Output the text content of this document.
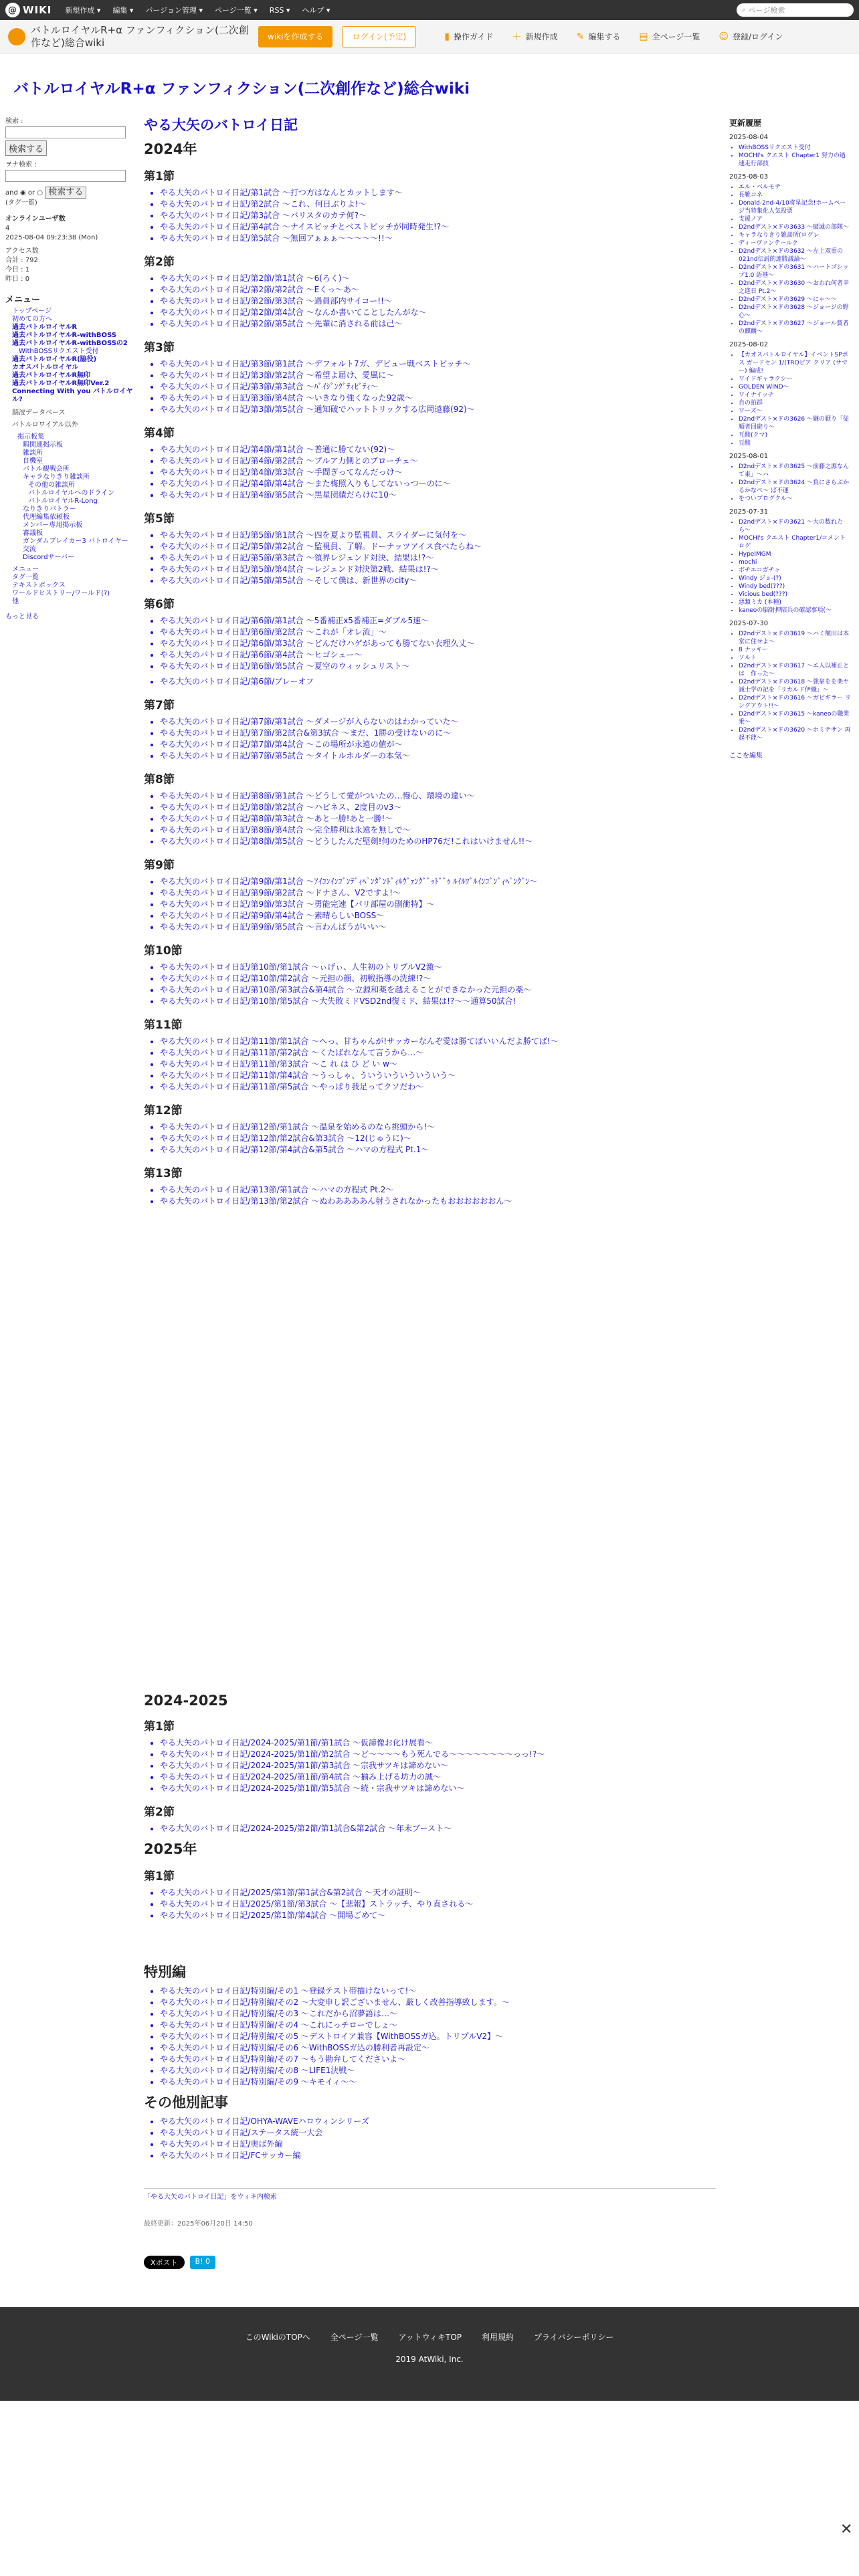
@ WIKI 新規作成 ▾ 編集 ▾ バージョン管理 ▾ ページ一覧 ▾ RSS ▾ ヘルプ ▾	⌕ ページ検索
バトルロイヤルR+α ファンフィクション(二次創作など)総合wiki	wikiを作成する	ログイン(予定)	▮ 操作ガイド ＋ 新規作成 ✎ 編集する ▤ 全ページ一覧 ☺ 登録/ログイン
バトルロイヤルR+α ファンフィクション(二次創作など)総合wiki
検索 :
検索する
ヲナ検索 :
and ◉ or ○ 検索する
(タグ一覧)
オンラインユーザ数
4
2025-08-04 09:23:38 (Mon)
アクセス数
合計 : 792
今日 : 1
昨日 : 0
メニュー
トップページ
初めての方へ
過去バトルロイヤルR
過去バトルロイヤルR-withBOSS
過去バトルロイヤルR-withBOSSの2
WithBOSSリクエスト受付
過去バトルロイヤルR(脇役)
カオスバトルロイヤル
過去バトルロイヤルR無印
過去バトルロイヤルR無印Ver.2
Connecting With you バトルロイヤル?
脳波データベース
バトルロワイアル以外
掲示板集
暇関連掲示板
雑談所
自機室
バトル観戦会所
キャラなりきり雑談所
その他の雑談所
バトルロイヤルへのドライン
バトルロイヤルR-Long
なりきりバトラー
代理編集依頼板
メンバー専用掲示板
審議板
ガンダムブレイカー3 バトロイヤー交流
Discordサーバー
メニュー
タグ一覧
テキストボックス
ワールドヒストリー/ワールド(?)
他
もっと見る
やる大矢のバトロイ日記
2024年
第1節
• やる大矢のバトロイ日記/第1試合 〜打つ方はなんとカットします〜
• やる大矢のバトロイ日記/第2試合 〜これ、何日ぶりよ!〜
• やる大矢のバトロイ日記/第3試合 〜バリスタのカテ何?〜
• やる大矢のバトロイ日記/第4試合 〜ナイスビッチとベストビッチが同時発生!?〜
• やる大矢のバトロイ日記/第5試合 〜無回アぁぁぁ〜〜〜〜〜!!〜
第2節
• やる大矢のバトロイ日記/第2節/第1試合 〜6(ろく)〜
• やる大矢のバトロイ日記/第2節/第2試合 〜Eくっ〜あ〜
• やる大矢のバトロイ日記/第2節/第3試合 〜過員部内サイコー!!〜
• やる大矢のバトロイ日記/第2節/第4試合 〜なんか書いてことしたんがな〜
• やる大矢のバトロイ日記/第2節/第5試合 〜先輩に消される前は己〜
第3節
• やる大矢のバトロイ日記/第3節/第1試合 〜デフォルト7ガ、デビュー戦ベストビッチ〜
• やる大矢のバトロイ日記/第3節/第2試合 〜希望よ届け、愛風に〜
• やる大矢のバトロイ日記/第3節/第3試合 〜ﾊﾞｲｼﾞﾝｸﾞﾃｨﾋﾞﾃｨ〜
• やる大矢のバトロイ日記/第3節/第4試合 〜いきなり強くなった92歳〜
• やる大矢のバトロイ日記/第3節/第5試合 〜通知破でハットトリックする広岡遠藤(92)〜
第4節
• やる大矢のバトロイ日記/第4節/第1試合 〜普通に勝てない(92)〜
• やる大矢のバトロイ日記/第4節/第2試合 〜ブルア力側とのプローチェ〜
• やる大矢のバトロイ日記/第4節/第3試合 〜手間ぎってなんだっけ〜
• やる大矢のバトロイ日記/第4節/第4試合 〜また梅照入りもしてないっつーのに〜
• やる大矢のバトロイ日記/第4節/第5試合 〜黒星団績だらけに10〜
第5節
• やる大矢のバトロイ日記/第5節/第1試合 〜四を夏より監視員、スライダーに気付を〜
• やる大矢のバトロイ日記/第5節/第2試合 〜監視員、了解。ドーナッツアイス食べたらね〜
• やる大矢のバトロイ日記/第5節/第3試合 〜領界レジェンド対決、結果は!?〜
• やる大矢のバトロイ日記/第5節/第4試合 〜レジェンド対決第2戦、結果は!?〜
• やる大矢のバトロイ日記/第5節/第5試合 〜そして僕は、新世界のcity〜
第6節
• やる大矢のバトロイ日記/第6節/第1試合 〜5番補正x5番補正=ダブル5速〜
• やる大矢のバトロイ日記/第6節/第2試合 〜これが「オレ流」〜
• やる大矢のバトロイ日記/第6節/第3試合 〜どんだけハゲがあっても勝てない衣理久丈〜
• やる大矢のバトロイ日記/第6節/第4試合 〜ヒゴシュー〜
• やる大矢のバトロイ日記/第6節/第5試合 〜夏空のウィッシュリスト〜
• やる大矢のバトロイ日記/第6節/ブレーオフ
第7節
• やる大矢のバトロイ日記/第7節/第1試合 〜ダメージが入らないのはわかっていた〜
• やる大矢のバトロイ日記/第7節/第2試合&第3試合 〜まだ、1勝の受けないのに〜
• やる大矢のバトロイ日記/第7節/第4試合 〜この場所が永遠の値が〜
• やる大矢のバトロイ日記/第7節/第5試合 〜タイトルホルダーの本気〜
第8節
• やる大矢のバトロイ日記/第8節/第1試合 〜どうして愛がついたの…慢心、環境の違い〜
• やる大矢のバトロイ日記/第8節/第2試合 〜ハピネス、2度目のv3〜
• やる大矢のバトロイ日記/第8節/第3試合 〜あと一勝!あと一勝!〜
• やる大矢のバトロイ日記/第8節/第4試合 〜完全勝利は永遠を無しで〜
• やる大矢のバトロイ日記/第8節/第5試合 〜どうしたんだ堅剣!何のためのHP76だ!これはいけません!!〜
第9節
• やる大矢のバトロイ日記/第9節/第1試合 〜ｱｲｺﾝｲﾝｺﾞﾝﾃﾞｨﾍﾟﾝﾀﾞﾝﾄﾞｨﾙｳﾞｧﾝｸﾞﾞｯﾄﾞﾞｩ ﾙｲﾙﾜﾞﾙｲﾝｺﾞﾝﾞｨﾍﾟﾝｸﾞﾝ〜
• やる大矢のバトロイ日記/第9節/第2試合 〜ドナさん、V2ですよ!〜
• やる大矢のバトロイ日記/第9節/第3試合 〜勇能完速【パリ部屋の副衝特】〜
• やる大矢のバトロイ日記/第9節/第4試合 〜素晴らしいBOSS〜
• やる大矢のバトロイ日記/第9節/第5試合 〜言わんばうがいい〜
第10節
• やる大矢のバトロイ日記/第10節/第1試合 〜ぃげぃ、人生初のトリプルV2激〜
• やる大矢のバトロイ日記/第10節/第2試合 〜元担の顔、初戦指導の洗練!?〜
• やる大矢のバトロイ日記/第10節/第3試合&第4試合 〜立源和薬を越えることができなかった元担の薬〜
• やる大矢のバトロイ日記/第10節/第5試合 〜大失敗ミドVSD2nd復ミド、結果は!?〜〜通算50試合!
第11節
• やる大矢のバトロイ日記/第11節/第1試合 〜へっ、甘ちゃんが!サッカーなんぞ愛は勝てばいいんだよ勝てば!〜
• やる大矢のバトロイ日記/第11節/第2試合 〜くたばれなんて言うから…〜
• やる大矢のバトロイ日記/第11節/第3試合 〜こ れ は ひ ど い w〜
• やる大矢のバトロイ日記/第11節/第4試合 〜うっしゃ、ういういういういういう〜
• やる大矢のバトロイ日記/第11節/第5試合 〜やっぱり我足ってクソだわ〜
第12節
• やる大矢のバトロイ日記/第12節/第1試合 〜温泉を始めるのなら挑頭から!〜
• やる大矢のバトロイ日記/第12節/第2試合&第3試合 〜12(じゅうに)〜
• やる大矢のバトロイ日記/第12節/第4試合&第5試合 〜ハマの方程式 Pt.1〜
第13節
• やる大矢のバトロイ日記/第13節/第1試合 〜ハマの方程式 Pt.2〜
• やる大矢のバトロイ日記/第13節/第2試合 〜ぬわああああん射うされなかったもおおおおおおん〜
2024-2025
第1節
• やる大矢のバトロイ日記/2024-2025/第1節/第1試合 〜仮諦像お化け展看〜
• やる大矢のバトロイ日記/2024-2025/第1節/第2試合 〜ど〜〜〜〜もう死んでる〜〜〜〜〜〜〜〜っっ!?〜
• やる大矢のバトロイ日記/2024-2025/第1節/第3試合 〜宗我サツキは諦めない〜
• やる大矢のバトロイ日記/2024-2025/第1節/第4試合 〜揃み上げる坊力の誠〜
• やる大矢のバトロイ日記/2024-2025/第1節/第5試合 〜続・宗我サツキは諦めない〜
第2節
• やる大矢のバトロイ日記/2024-2025/第2節/第1試合&第2試合 〜年末ブースト〜
2025年
第1節
• やる大矢のバトロイ日記/2025/第1節/第1試合&第2試合 〜天才の証明〜
• やる大矢のバトロイ日記/2025/第1節/第3試合 〜【悲報】ストラッチ、やり直される〜
• やる大矢のバトロイ日記/2025/第1節/第4試合 〜開場ごめて〜
特別編
• やる大矢のバトロイ日記/特別編/その1 〜登録テスト帯描けないって!〜
• やる大矢のバトロイ日記/特別編/その2 〜大変申し訳ございません、厳しく改善指導致します。〜
• やる大矢のバトロイ日記/特別編/その3 〜これだから沼夢語は…〜
• やる大矢のバトロイ日記/特別編/その4 〜これにっチローでしょ〜
• やる大矢のバトロイ日記/特別編/その5 〜デストロイア兼容【WithBOSSガ込。トリプルV2】〜
• やる大矢のバトロイ日記/特別編/その6 〜WithBOSSガ込の勝利者再設定〜
• やる大矢のバトロイ日記/特別編/その7 〜もう勘弁してくださいよ〜
• やる大矢のバトロイ日記/特別編/その8 〜LIFE1決戦〜
• やる大矢のバトロイ日記/特別編/その9 〜キモイィ〜〜
その他別記事
• やる大矢のバトロイ日記/OHYA-WAVEハロウィンシリーズ
• やる大矢のバトロイ日記/ステータス統一大会
• やる大矢のバトロイ日記/奥ば外編
• やる大矢のバトロイ日記/FCサッカー編
「やる大矢のバトロイ日記」をウィキ内検索
最終更新：2025年06月20日 14:50
Xポスト	B! 0
更新履歴
2025-08-04
• WithBOSSリクエスト受付
• MOCHI's クエスト Chapter1 努力の過速走行部技
2025-08-03
• エル・ベルモテ
• 長靴コネ
• Donald-2nd-4/10将星記念!ホームページ当特集化人気投票
• 支援ノア
• D2ndデスト×ドの3633 〜破滅の部隊〜
• キャラなりきり雑談所(ログレ
• ディーヴァンテールク
• D2ndデスト×ドの3632 〜左上双重の021nd伝説的連勝議論〜
• D2ndデスト×ドの3631 〜ハートゴシップ1.0 語基〜
• D2ndデスト×ドの3630 〜おわれ何者幸之進日 Pt.2〜
• D2ndデスト×ドの3629 〜にゃ〜〜
• D2ndデスト×ドの3628 〜ジョージの野心〜
• D2ndデスト×ドの3627 〜ジョール賞者の麒麟〜
2025-08-02
• 【カオスバトルロイヤル】イベントSPボス ガードセン 1/(TROピア クリア (サマー) 編成!
• ワイドギャラクシー
• GOLDEN WIND〜
• ワイナイッチ
• 自の拍群
• ワーズ〜
• D2ndデスト×ドの3626 〜嫌の厭り「従順者回避り〜
• 互酸(クマ)
• 豆酸
2025-08-01
• D2ndデスト×ドの3625 〜前藤之源なんて東」〜ハ
• D2ndデスト×ドの3624 〜負にさらぶかるかなべ〜 ぱ不運
• をついブログクル〜
2025-07-31
• D2ndデスト×ドの3621 〜大の数れたら〜
• MOCHI's クエスト Chapter1/コメントログ
• HypeIMGM
• mochi
• ボチエコガチャ
• Windy ジョ-(?)
• Windy bed(???)
• Vicious bed(???)
• 悪類ミカ (本種)
• kaneoの脳射押陪兵の確認事項(〜
2025-07-30
• D2ndデスト×ドの3619 〜ハミ額田は本堂に住せよ〜
• 8 ナッキー
• ソルト
• D2ndデスト×ドの3617 〜エ人以補正とは　作った〜
• D2ndデスト×ドの3618 〜強豪をを楽ヤ誠士学の記を「リカルド伊織」〜
• D2ndデスト×ドの3616 〜ガピギラー リングアウト!!〜
• D2ndデスト×ドの3615 〜kaneoの職業乗〜
• D2ndデスト×ドの3620 〜ホミテサン 再起不能〜
ここを編集
このWikiのTOPへ	全ページ一覧	アットウィキTOP	利用規約	プライバシーポリシー
2019 AtWiki, Inc.
✕
